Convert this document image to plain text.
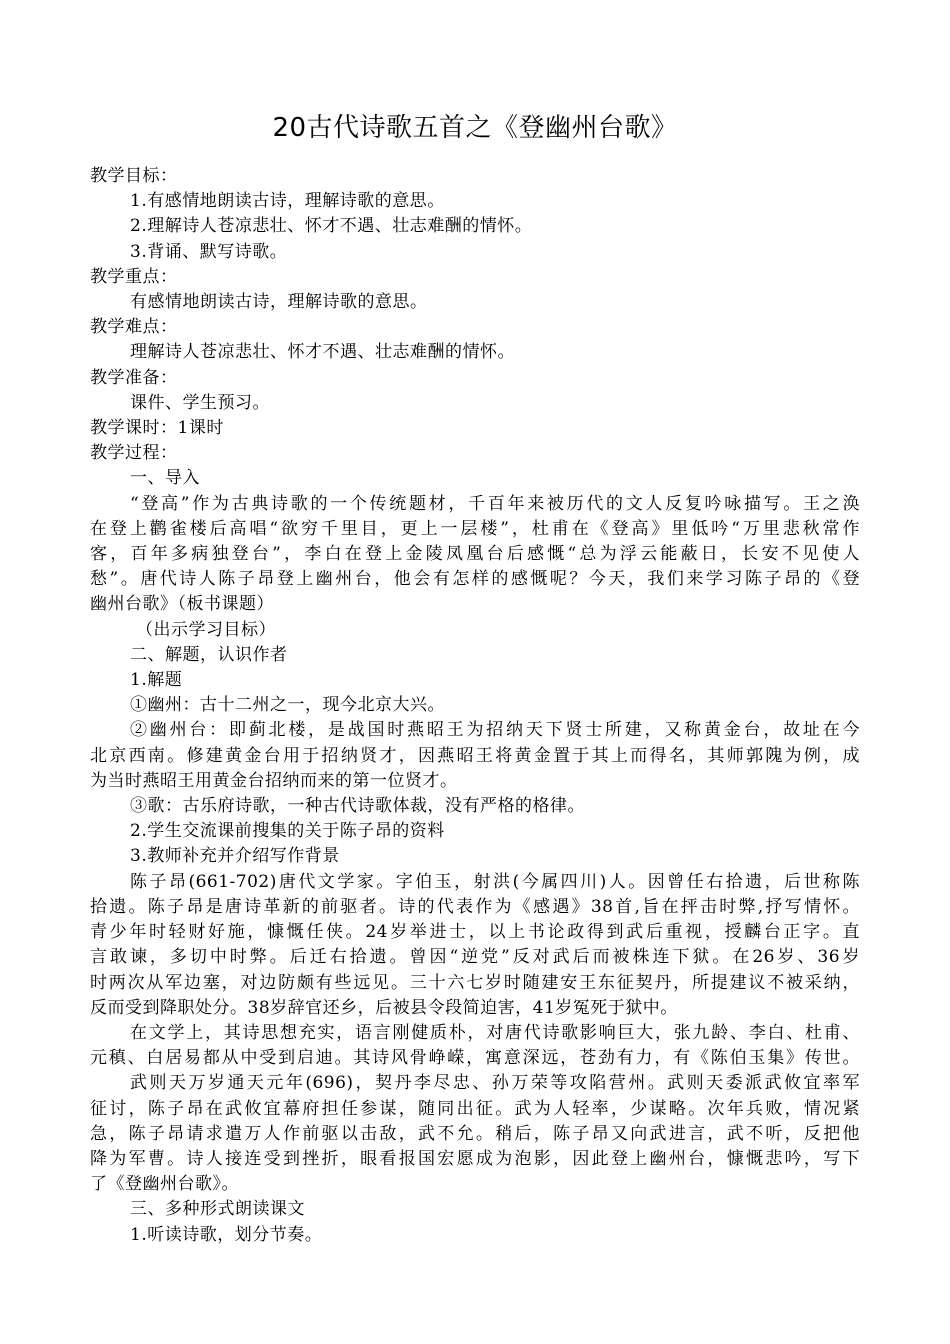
20古代诗歌五首之《登幽州台歌》

教学目标：

1.有感情地朗读古诗，理解诗歌的意思。

2.理解诗人苍凉悲壮、怀才不遇、壮志难酬的情怀。

3.背诵、默写诗歌。

教学重点：

有感情地朗读古诗，理解诗歌的意思。

教学难点：

理解诗人苍凉悲壮、怀才不遇、壮志难酬的情怀。

教学准备：

课件、学生预习。

教学课时：1课时

教学过程：

一、导入

“登高”作为古典诗歌的一个传统题材，千百年来被历代的文人反复吟咏描写。王之涣

在登上鹳雀楼后高唱“欲穷千里目，更上一层楼”，杜甫在《登高》里低吟“万里悲秋常作

客，百年多病独登台”，李白在登上金陵凤凰台后感慨“总为浮云能蔽日，长安不见使人

愁”。唐代诗人陈子昂登上幽州台，他会有怎样的感慨呢？今天，我们来学习陈子昂的《登

幽州台歌》（板书课题）

（出示学习目标）

二、解题，认识作者

1.解题

①幽州：古十二州之一，现今北京大兴。

②幽州台：即蓟北楼，是战国时燕昭王为招纳天下贤士所建，又称黄金台，故址在今

北京西南。修建黄金台用于招纳贤才，因燕昭王将黄金置于其上而得名，其师郭隗为例，成

为当时燕昭王用黄金台招纳而来的第一位贤才。

③歌：古乐府诗歌，一种古代诗歌体裁，没有严格的格律。

2.学生交流课前搜集的关于陈子昂的资料

3.教师补充并介绍写作背景

陈子昂(661-702)唐代文学家。字伯玉，射洪(今属四川)人。因曾任右拾遗，后世称陈

拾遗。陈子昂是唐诗革新的前驱者。诗的代表作为《感遇》38首,旨在抨击时弊,抒写情怀。

青少年时轻财好施，慷慨任侠。24岁举进士，以上书论政得到武后重视，授麟台正字。直

言敢谏，多切中时弊。后迁右拾遗。曾因“逆党”反对武后而被株连下狱。在26岁、36岁

时两次从军边塞，对边防颇有些远见。三十六七岁时随建安王东征契丹，所提建议不被采纳，

反而受到降职处分。38岁辞官还乡，后被县令段简迫害，41岁冤死于狱中。

在文学上，其诗思想充实，语言刚健质朴，对唐代诗歌影响巨大，张九龄、李白、杜甫、

元稹、白居易都从中受到启迪。其诗风骨峥嵘，寓意深远，苍劲有力，有《陈伯玉集》传世。

武则天万岁通天元年(696)，契丹李尽忠、孙万荣等攻陷营州。武则天委派武攸宜率军

征讨，陈子昂在武攸宜幕府担任参谋，随同出征。武为人轻率，少谋略。次年兵败，情况紧

急，陈子昂请求遣万人作前驱以击敌，武不允。稍后，陈子昂又向武进言，武不听，反把他

降为军曹。诗人接连受到挫折，眼看报国宏愿成为泡影，因此登上幽州台，慷慨悲吟，写下

了《登幽州台歌》。

三、多种形式朗读课文

1.听读诗歌，划分节奏。
